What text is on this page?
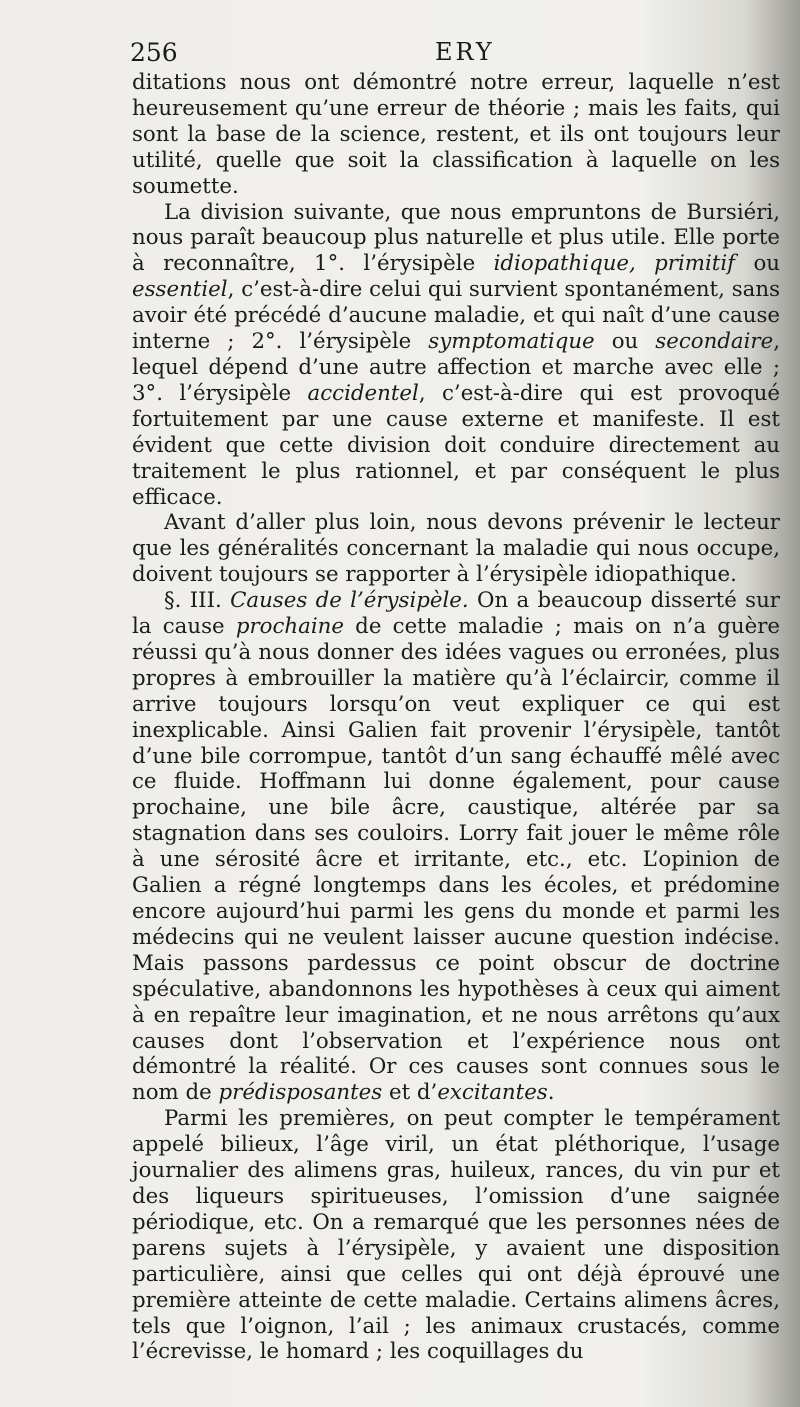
256	ERY

ditations nous ont démontré notre erreur, laquelle n’est heureusement qu’une erreur de théorie ; mais les faits, qui sont la base de la science, restent, et ils ont toujours leur utilité, quelle que soit la classification à laquelle on les soumette.

La division suivante, que nous empruntons de Bursiéri, nous paraît beaucoup plus naturelle et plus utile. Elle porte à reconnaître, 1°. l’érysipèle idiopathique, primitif ou essentiel, c’est-à-dire celui qui survient spontanément, sans avoir été précédé d’aucune maladie, et qui naît d’une cause interne ; 2°. l’érysipèle symptomatique ou secondaire, lequel dépend d’une autre affection et marche avec elle ; 3°. l’érysipèle accidentel, c’est-à-dire qui est provoqué fortuitement par une cause externe et manifeste. Il est évident que cette division doit conduire directement au traitement le plus rationnel, et par conséquent le plus efficace.

Avant d’aller plus loin, nous devons prévenir le lecteur que les généralités concernant la maladie qui nous occupe, doivent toujours se rapporter à l’érysipèle idiopathique.

§. III. Causes de l’érysipèle. On a beaucoup disserté sur la cause prochaine de cette maladie ; mais on n’a guère réussi qu’à nous donner des idées vagues ou erronées, plus propres à embrouiller la matière qu’à l’éclaircir, comme il arrive toujours lorsqu’on veut expliquer ce qui est inexplicable. Ainsi Galien fait provenir l’érysipèle, tantôt d’une bile corrompue, tantôt d’un sang échauffé mêlé avec ce fluide. Hoffmann lui donne également, pour cause prochaine, une bile âcre, caustique, altérée par sa stagnation dans ses couloirs. Lorry fait jouer le même rôle à une sérosité âcre et irritante, etc., etc. L’opinion de Galien a régné longtemps dans les écoles, et prédomine encore aujourd’hui parmi les gens du monde et parmi les médecins qui ne veulent laisser aucune question indécise. Mais passons pardessus ce point obscur de doctrine spéculative, abandonnons les hypothèses à ceux qui aiment à en repaître leur imagination, et ne nous arrêtons qu’aux causes dont l’observation et l’expérience nous ont démontré la réalité. Or ces causes sont connues sous le nom de prédisposantes et d’excitantes.

Parmi les premières, on peut compter le tempérament appelé bilieux, l’âge viril, un état pléthorique, l’usage journalier des alimens gras, huileux, rances, du vin pur et des liqueurs spiritueuses, l’omission d’une saignée périodique, etc. On a remarqué que les personnes nées de parens sujets à l’érysipèle, y avaient une disposition particulière, ainsi que celles qui ont déjà éprouvé une première atteinte de cette maladie. Certains alimens âcres, tels que l’oignon, l’ail ; les animaux crustacés, comme l’écrevisse, le homard ; les coquillages du
